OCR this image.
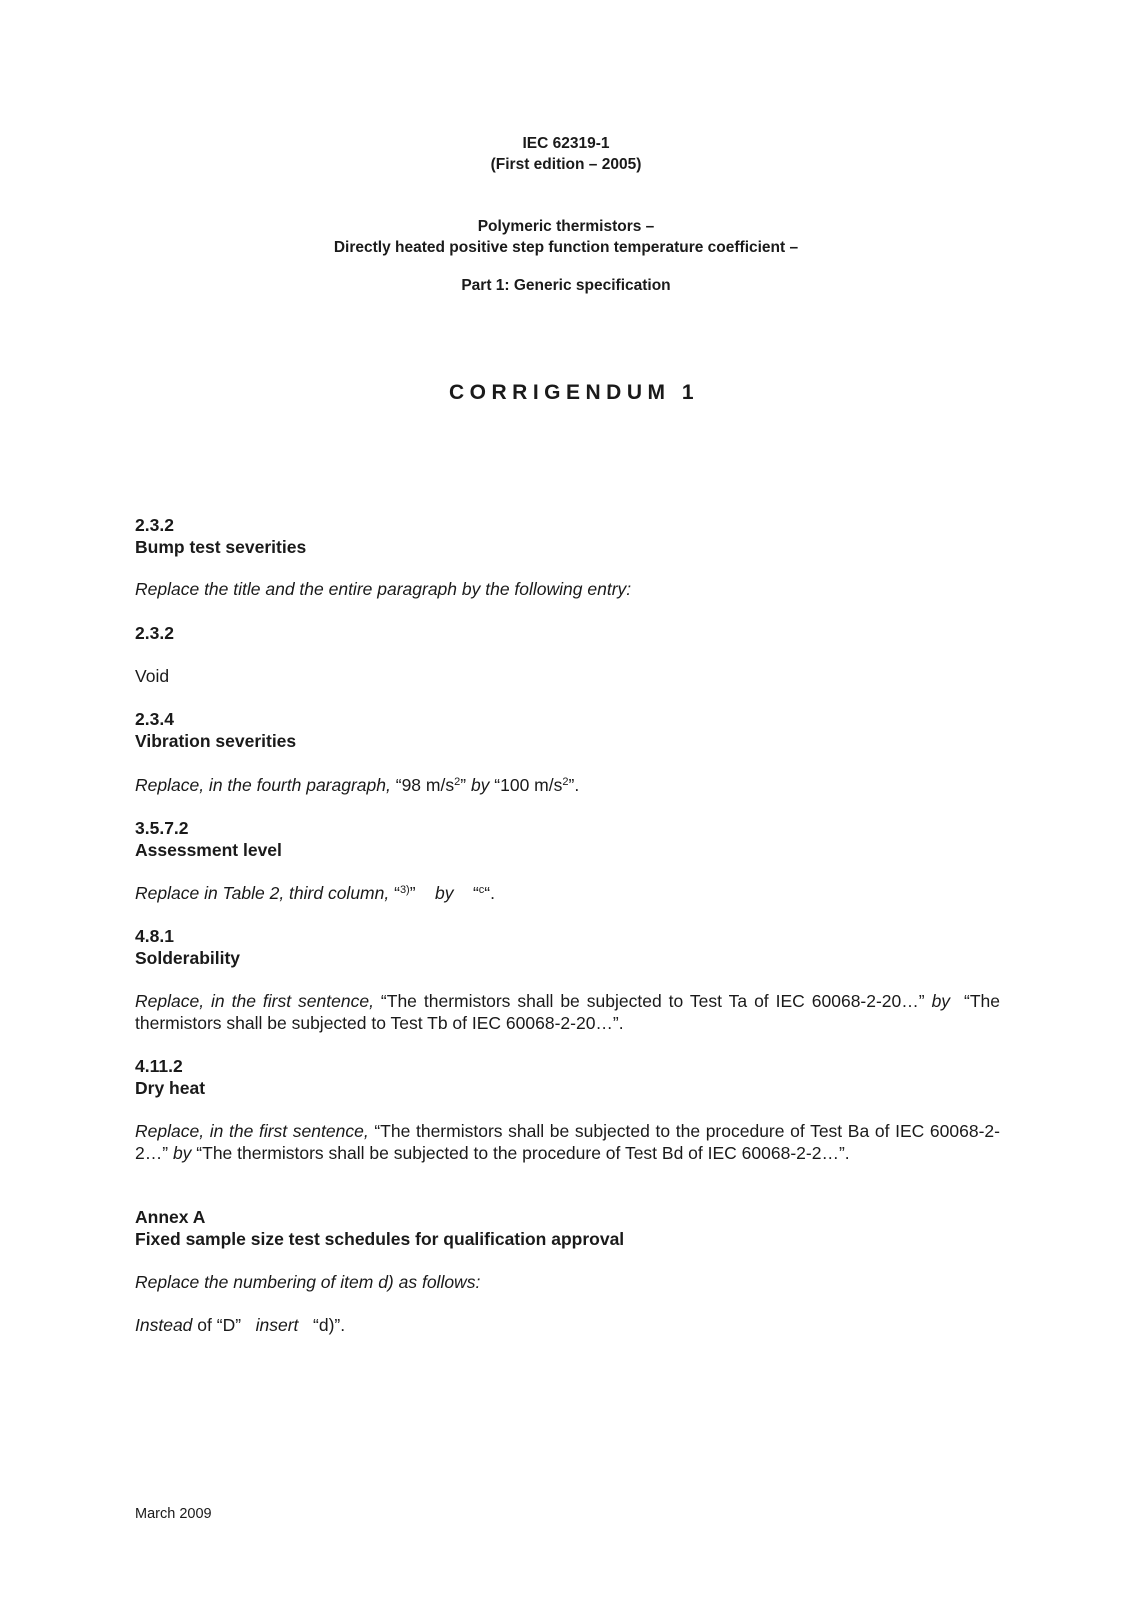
IEC 62319-1
(First edition – 2005)
Polymeric thermistors –
Directly heated positive step function temperature coefficient –
Part 1: Generic specification
CORRIGENDUM 1
2.3.2
Bump test severities
Replace the title and the entire paragraph by the following entry:
2.3.2
Void
2.3.4
Vibration severities
Replace, in the fourth paragraph, “98 $m/s^2$” by “100 $m/s^2$”.
3.5.7.2
Assessment level
Replace in Table 2, third column, “$^{3)}$” by “$^c$“.
4.8.1
Solderability
Replace, in the first sentence, “The thermistors shall be subjected to Test Ta of IEC 60068-2-20…” by “The thermistors shall be subjected to Test Tb of IEC 60068-2-20…”.
4.11.2
Dry heat
Replace, in the first sentence, “The thermistors shall be subjected to the procedure of Test Ba of IEC 60068-2-2…” by “The thermistors shall be subjected to the procedure of Test Bd of IEC 60068-2-2…”.
Annex A
Fixed sample size test schedules for qualification approval
Replace the numbering of item d) as follows:
Instead of “D” insert “d)”.
March 2009
